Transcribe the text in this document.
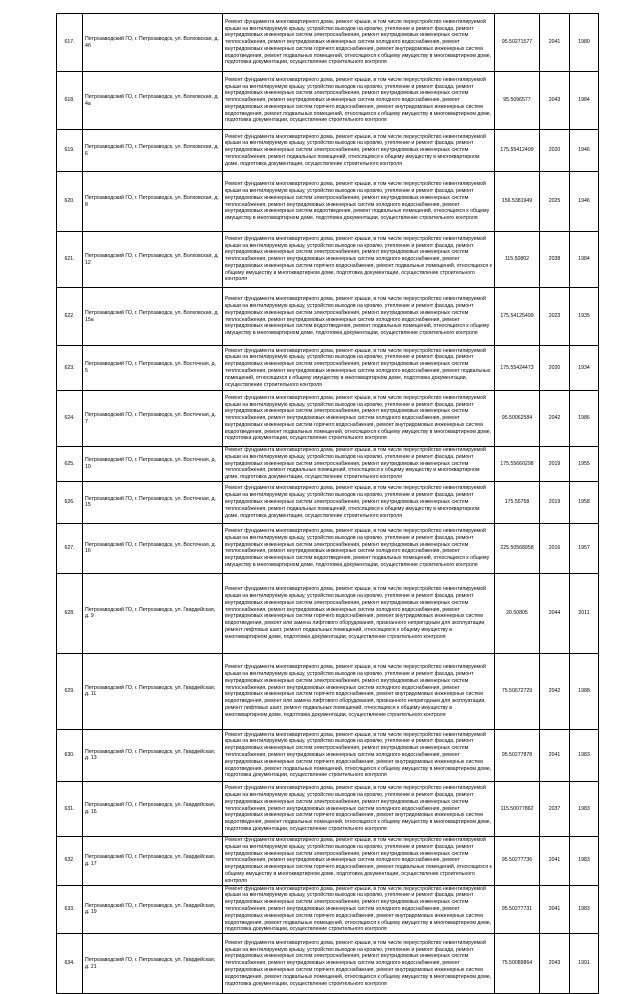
617.	Петрозаводский ГО, г. Петрозаводск, ул. Волховская, д. 4б	Ремонт фундамента многоквартирного дома, ремонт крыши, в том числе переустройство невентилируемой крыши на вентилируемую крышу, устройство выходов на кровлю, утепление и ремонт фасада, ремонт внутридомовых инженерных систем электроснабжения, ремонт внутридомовых инженерных систем теплоснабжения, ремонт внутридомовых инженерных систем холодного водоснабжения, ремонт внутридомовых инженерных систем горячего водоснабжения, ремонт внутридомовых инженерных систем водоотведения, ремонт подвальных помещений, относящихся к общему имуществу в многоквартирном доме, подготовка документации, осуществление строительного контроля	95.50271577	2041	1980
618.	Петрозаводский ГО, г. Петрозаводск, ул. Волховская, д. 4а	Ремонт фундамента многоквартирного дома, ремонт крыши, в том числе переустройство невентилируемой крыши на вентилируемую крышу, устройство выходов на кровлю, утепление и ремонт фасада, ремонт внутридомовых инженерных систем электроснабжения, ремонт внутридомовых инженерных систем теплоснабжения, ремонт внутридомовых инженерных систем холодного водоснабжения, ремонт внутридомовых инженерных систем горячего водоснабжения, ремонт внутридомовых инженерных систем водоотведения, ремонт подвальных помещений, относящихся к общему имуществу в многоквартирном доме, подготовка документации, осуществление строительного контроля	95.5096577	2043	1984
619.	Петрозаводский ГО, г. Петрозаводск, ул. Волховская, д. 6	Ремонт фундамента многоквартирного дома, ремонт крыши, в том числе переустройство невентилируемой крыши на вентилируемую крышу, устройство выходов на кровлю, утепление и ремонт фасада, ремонт внутридомовых инженерных систем электроснабжения, ремонт внутридомовых инженерных систем теплоснабжения, ремонт подвальных помещений, относящихся к общему имуществу в многоквартирном доме, подготовка документации, осуществление строительного контроля	175.55412499	2020	1946
620.	Петрозаводский ГО, г. Петрозаводск, ул. Волховская, д. 8	Ремонт фундамента многоквартирного дома, ремонт крыши, в том числе переустройство невентилируемой крыши на вентилируемую крышу, устройство выходов на кровлю, утепление и ремонт фасада, ремонт внутридомовых инженерных систем электроснабжения, ремонт внутридомовых инженерных систем теплоснабжения, ремонт внутридомовых инженерных систем холодного водоснабжения, ремонт внутридомовых инженерных систем водоотведения, ремонт подвальных помещений, относящихся к общему имуществу в многоквартирном доме, подготовка документации, осуществление строительного контроля	156.5381949	2025	1946
621.	Петрозаводский ГО, г. Петрозаводск, ул. Волховская, д. 12	Ремонт фундамента многоквартирного дома, ремонт крыши, в том числе переустройство невентилируемой крыши на вентилируемую крышу, устройство выходов на кровлю, утепление и ремонт фасада, ремонт внутридомовых инженерных систем электроснабжения, ремонт внутридомовых инженерных систем теплоснабжения, ремонт внутридомовых инженерных систем холодного водоснабжения, ремонт внутридомовых инженерных систем горячего водоснабжения, ремонт подвальных помещений, относящихся к общему имуществу в многоквартирном доме, подготовка документации, осуществление строительного контроля	115.50802	2038	1984
622.	Петрозаводский ГО, г. Петрозаводск, ул. Волховская, д. 15а	Ремонт фундамента многоквартирного дома, ремонт крыши, в том числе переустройство невентилируемой крыши на вентилируемую крышу, устройство выходов на кровлю, утепление и ремонт фасада, ремонт внутридомовых инженерных систем электроснабжения, ремонт внутридомовых инженерных систем теплоснабжения, ремонт внутридомовых инженерных систем холодного водоснабжения, ремонт внутридомовых инженерных систем водоотведения, ремонт подвальных помещений, относящихся к общему имуществу в многоквартирном доме, подготовка документации, осуществление строительного контроля	175.54125499	2023	1935
623.	Петрозаводский ГО, г. Петрозаводск, ул. Восточная, д. 5	Ремонт фундамента многоквартирного дома, ремонт крыши, в том числе переустройство невентилируемой крыши на вентилируемую крышу, устройство выходов на кровлю, утепление и ремонт фасада, ремонт внутридомовых инженерных систем электроснабжения, ремонт внутридомовых инженерных систем теплоснабжения, ремонт внутридомовых инженерных систем холодного водоснабжения, ремонт подвальных помещений, относящихся к общему имуществу в многоквартирном доме, подготовка документации, осуществление строительного контроля	175.55424473	2020	1934
624.	Петрозаводский ГО, г. Петрозаводск, ул. Восточная, д. 7	Ремонт фундамента многоквартирного дома, ремонт крыши, в том числе переустройство невентилируемой крыши на вентилируемую крышу, устройство выходов на кровлю, утепление и ремонт фасада, ремонт внутридомовых инженерных систем электроснабжения, ремонт внутридомовых инженерных систем теплоснабжения, ремонт внутридомовых инженерных систем холодного водоснабжения, ремонт внутридомовых инженерных систем горячего водоснабжения, ремонт внутридомовых инженерных систем водоотведения, ремонт подвальных помещений, относящихся к общему имуществу в многоквартирном доме, подготовка документации, осуществление строительного контроля	95.50062584	2042	1986
625.	Петрозаводский ГО, г. Петрозаводск, ул. Восточная, д. 10	Ремонт фундамента многоквартирного дома, ремонт крыши, в том числе переустройство невентилируемой крыши на вентилируемую крышу, устройство выходов на кровлю, утепление и ремонт фасада, ремонт внутридомовых инженерных систем электроснабжения, ремонт внутридомовых инженерных систем теплоснабжения, ремонт подвальных помещений, относящихся к общему имуществу в многоквартирном доме, подготовка документации, осуществление строительного контроля	175.55660298	2019	1955
626.	Петрозаводский ГО, г. Петрозаводск, ул. Восточная, д. 15	Ремонт фундамента многоквартирного дома, ремонт крыши, в том числе переустройство невентилируемой крыши на вентилируемую крышу, устройство выходов на кровлю, утепление и ремонт фасада, ремонт внутридомовых инженерных систем электроснабжения, ремонт внутридомовых инженерных систем теплоснабжения, ремонт подвальных помещений, относящихся к общему имуществу в многоквартирном доме, подготовка документации, осуществление строительного контроля	175.55758	2019	1958
627.	Петрозаводский ГО, г. Петрозаводск, ул. Восточная, д. 16	Ремонт фундамента многоквартирного дома, ремонт крыши, в том числе переустройство невентилируемой крыши на вентилируемую крышу, устройство выходов на кровлю, утепление и ремонт фасада, ремонт внутридомовых инженерных систем электроснабжения, ремонт внутридомовых инженерных систем теплоснабжения, ремонт внутридомовых инженерных систем холодного водоснабжения, ремонт внутридомовых инженерных систем водоотведения, ремонт подвальных помещений, относящихся к общему имуществу в многоквартирном доме, подготовка документации, осуществление строительного контроля	225.50568958	2016	1957
628.	Петрозаводский ГО, г. Петрозаводск, ул. Гвардейская, д. 9	Ремонт фундамента многоквартирного дома, ремонт крыши, в том числе переустройство невентилируемой крыши на вентилируемую крышу, устройство выходов на кровлю, утепление и ремонт фасада, ремонт внутридомовых инженерных систем электроснабжения, ремонт внутридомовых инженерных систем теплоснабжения, ремонт внутридомовых инженерных систем холодного водоснабжения, ремонт внутридомовых инженерных систем горячего водоснабжения, ремонт внутридомовых инженерных систем водоотведения, ремонт или замена лифтового оборудования, признанного непригодным для эксплуатации, ремонт лифтовых шахт, ремонт подвальных помещений, относящихся к общему имуществу в многоквартирном доме, подготовка документации, осуществление строительного контроля	20.50805	2044	2011
629.	Петрозаводский ГО, г. Петрозаводск, ул. Гвардейская, д. 11	Ремонт фундамента многоквартирного дома, ремонт крыши, в том числе переустройство невентилируемой крыши на вентилируемую крышу, устройство выходов на кровлю, утепление и ремонт фасада, ремонт внутридомовых инженерных систем электроснабжения, ремонт внутридомовых инженерных систем теплоснабжения, ремонт внутридомовых инженерных систем холодного водоснабжения, ремонт внутридомовых инженерных систем горячего водоснабжения, ремонт внутридомовых инженерных систем водоотведения, ремонт или замена лифтового оборудования, признанного непригодным для эксплуатации, ремонт лифтовых шахт, ремонт подвальных помещений, относящихся к общему имуществу в многоквартирном доме, подготовка документации, осуществление строительного контроля	75.50672729	2042	1988
630.	Петрозаводский ГО, г. Петрозаводск, ул. Гвардейская, д. 13	Ремонт фундамента многоквартирного дома, ремонт крыши, в том числе переустройство невентилируемой крыши на вентилируемую крышу, устройство выходов на кровлю, утепление и ремонт фасада, ремонт внутридомовых инженерных систем электроснабжения, ремонт внутридомовых инженерных систем теплоснабжения, ремонт внутридомовых инженерных систем холодного водоснабжения, ремонт внутридомовых инженерных систем горячего водоснабжения, ремонт внутридомовых инженерных систем водоотведения, ремонт подвальных помещений, относящихся к общему имуществу в многоквартирном доме, подготовка документации, осуществление строительного контроля	95.50277878	2041	1983
631.	Петрозаводский ГО, г. Петрозаводск, ул. Гвардейская, д. 15	Ремонт фундамента многоквартирного дома, ремонт крыши, в том числе переустройство невентилируемой крыши на вентилируемую крышу, устройство выходов на кровлю, утепление и ремонт фасада, ремонт внутридомовых инженерных систем электроснабжения, ремонт внутридомовых инженерных систем теплоснабжения, ремонт внутридомовых инженерных систем холодного водоснабжения, ремонт внутридомовых инженерных систем горячего водоснабжения, ремонт внутридомовых инженерных систем водоотведения, ремонт подвальных помещений, относящихся к общему имуществу в многоквартирном доме, подготовка документации, осуществление строительного контроля	115.50077862	2037	1983
632.	Петрозаводский ГО, г. Петрозаводск, ул. Гвардейская, д. 17	Ремонт фундамента многоквартирного дома, ремонт крыши, в том числе переустройство невентилируемой крыши на вентилируемую крышу, устройство выходов на кровлю, утепление и ремонт фасада, ремонт внутридомовых инженерных систем электроснабжения, ремонт внутридомовых инженерных систем теплоснабжения, ремонт внутридомовых инженерных систем холодного водоснабжения, ремонт внутридомовых инженерных систем горячего водоснабжения, ремонт подвальных помещений, относящихся к общему имуществу в многоквартирном доме, подготовка документации, осуществление строительного контроля	95.50277736	2041	1983
633.	Петрозаводский ГО, г. Петрозаводск, ул. Гвардейская, д. 19	Ремонт фундамента многоквартирного дома, ремонт крыши, в том числе переустройство невентилируемой крыши на вентилируемую крышу, устройство выходов на кровлю, утепление и ремонт фасада, ремонт внутридомовых инженерных систем электроснабжения, ремонт внутридомовых инженерных систем теплоснабжения, ремонт внутридомовых инженерных систем холодного водоснабжения, ремонт внутридомовых инженерных систем горячего водоснабжения, ремонт внутридомовых инженерных систем водоотведения, ремонт подвальных помещений, относящихся к общему имуществу в многоквартирном доме, подготовка документации, осуществление строительного контроля	95.50277731	2041	1983
634.	Петрозаводский ГО, г. Петрозаводск, ул. Гвардейская, д. 21	Ремонт фундамента многоквартирного дома, ремонт крыши, в том числе переустройство невентилируемой крыши на вентилируемую крышу, устройство выходов на кровлю, утепление и ремонт фасада, ремонт внутридомовых инженерных систем электроснабжения, ремонт внутридомовых инженерных систем теплоснабжения, ремонт внутридомовых инженерных систем холодного водоснабжения, ремонт внутридомовых инженерных систем горячего водоснабжения, ремонт внутридомовых инженерных систем водоотведения, ремонт подвальных помещений, относящихся к общему имуществу в многоквартирном доме, подготовка документации, осуществление строительного контроля	75.50089864	2043	1991
